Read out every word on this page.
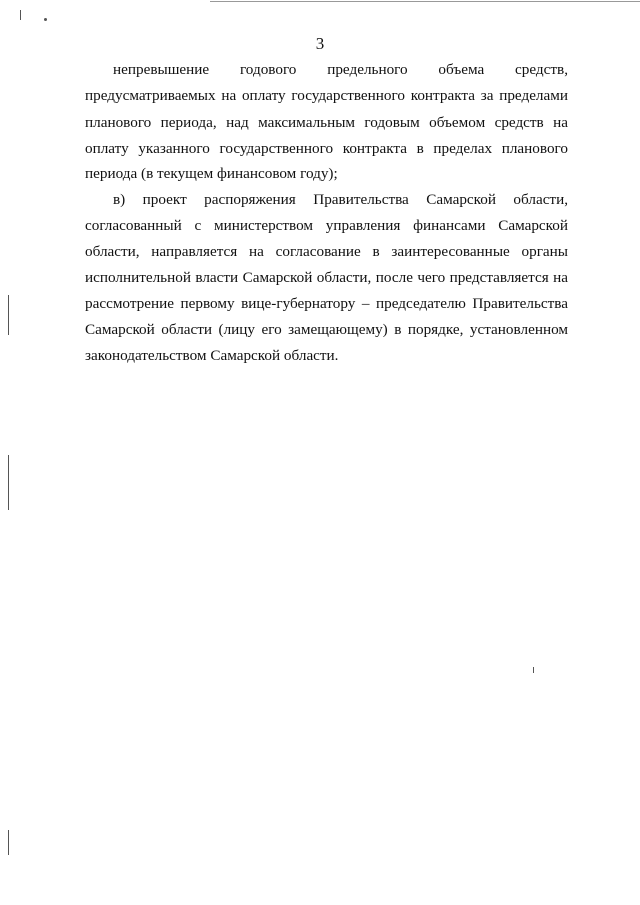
3
непревышение годового предельного объема средств,
предусматриваемых на оплату государственного контракта за пределами
планового периода, над максимальным годовым объемом средств на
оплату указанного государственного контракта в пределах планового
периода (в текущем финансовом году);
в) проект распоряжения Правительства Самарской области,
согласованный с министерством управления финансами Самарской
области, направляется на согласование в заинтересованные органы
исполнительной власти Самарской области, после чего представляется на
рассмотрение первому вице-губернатору – председателю Правительства
Самарской области (лицу его замещающему) в порядке, установленном
законодательством Самарской области.
